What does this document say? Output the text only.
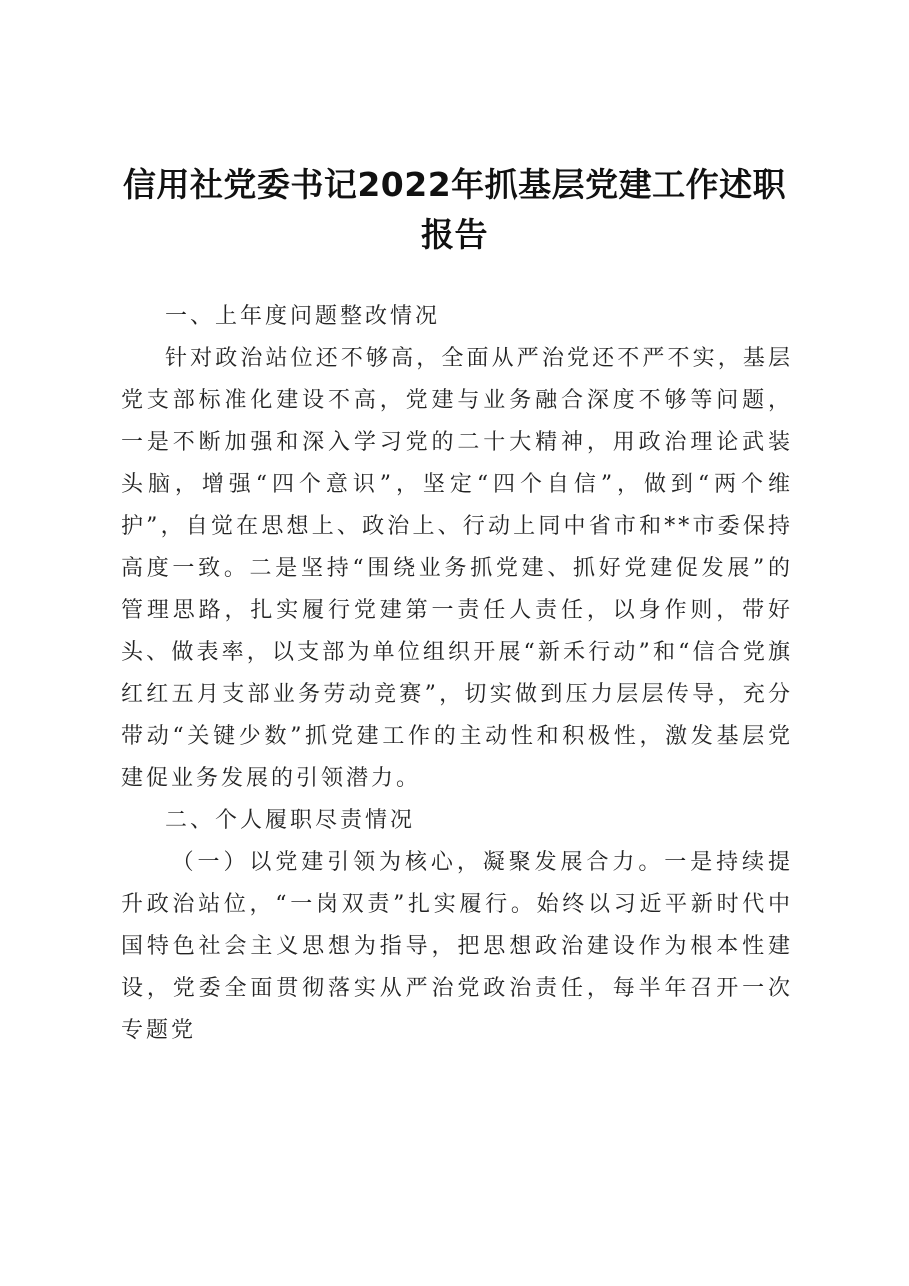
信用社党委书记2022年抓基层党建工作述职
报告

一、上年度问题整改情况

针对政治站位还不够高，全面从严治党还不严不实，基层党支部标准化建设不高，党建与业务融合深度不够等问题，一是不断加强和深入学习党的二十大精神，用政治理论武装头脑，增强“四个意识”，坚定“四个自信”，做到“两个维护”，自觉在思想上、政治上、行动上同中省市和**市委保持高度一致。二是坚持“围绕业务抓党建、抓好党建促发展”的管理思路，扎实履行党建第一责任人责任，以身作则，带好头、做表率，以支部为单位组织开展“新禾行动”和“信合党旗红红五月支部业务劳动竞赛”，切实做到压力层层传导，充分带动“关键少数”抓党建工作的主动性和积极性，激发基层党建促业务发展的引领潜力。

二、个人履职尽责情况

（一）以党建引领为核心，凝聚发展合力。一是持续提升政治站位，“一岗双责”扎实履行。始终以习近平新时代中国特色社会主义思想为指导，把思想政治建设作为根本性建设，党委全面贯彻落实从严治党政治责任，每半年召开一次专题党
